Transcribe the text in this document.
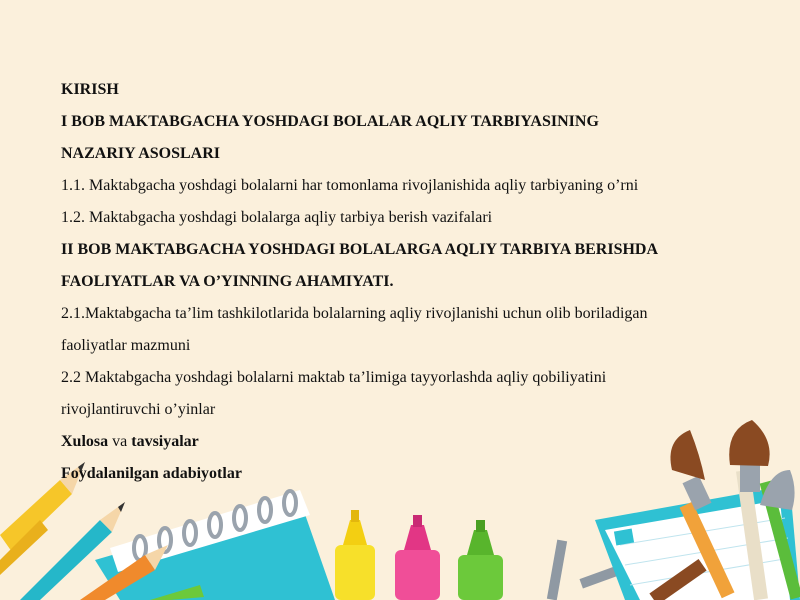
KIRISH
I BOB MAKTABGACHA YOSHDAGI BOLALAR AQLIY TARBIYASINING
NAZARIY ASOSLARI
1.1. Maktabgacha yoshdagi bolalarni har tomonlama rivojlanishida aqliy tarbiyaning o’rni
1.2. Maktabgacha yoshdagi bolalarga aqliy tarbiya berish vazifalari
II BOB MAKTABGACHA YOSHDAGI BOLALARGA AQLIY TARBIYA BERISHDA
FAOLIYATLAR VA O’YINNING AHAMIYATI.
2.1.Maktabgacha ta’lim tashkilotlarida bolalarning aqliy rivojlanishi uchun olib boriladigan
faoliyatlar mazmuni
2.2 Maktabgacha yoshdagi bolalarni maktab ta’limiga tayyorlashda aqliy qobiliyatini
rivojlantiruvchi o’yinlar
Xulosa va tavsiyalar
Foydalanilgan adabiyotlar
